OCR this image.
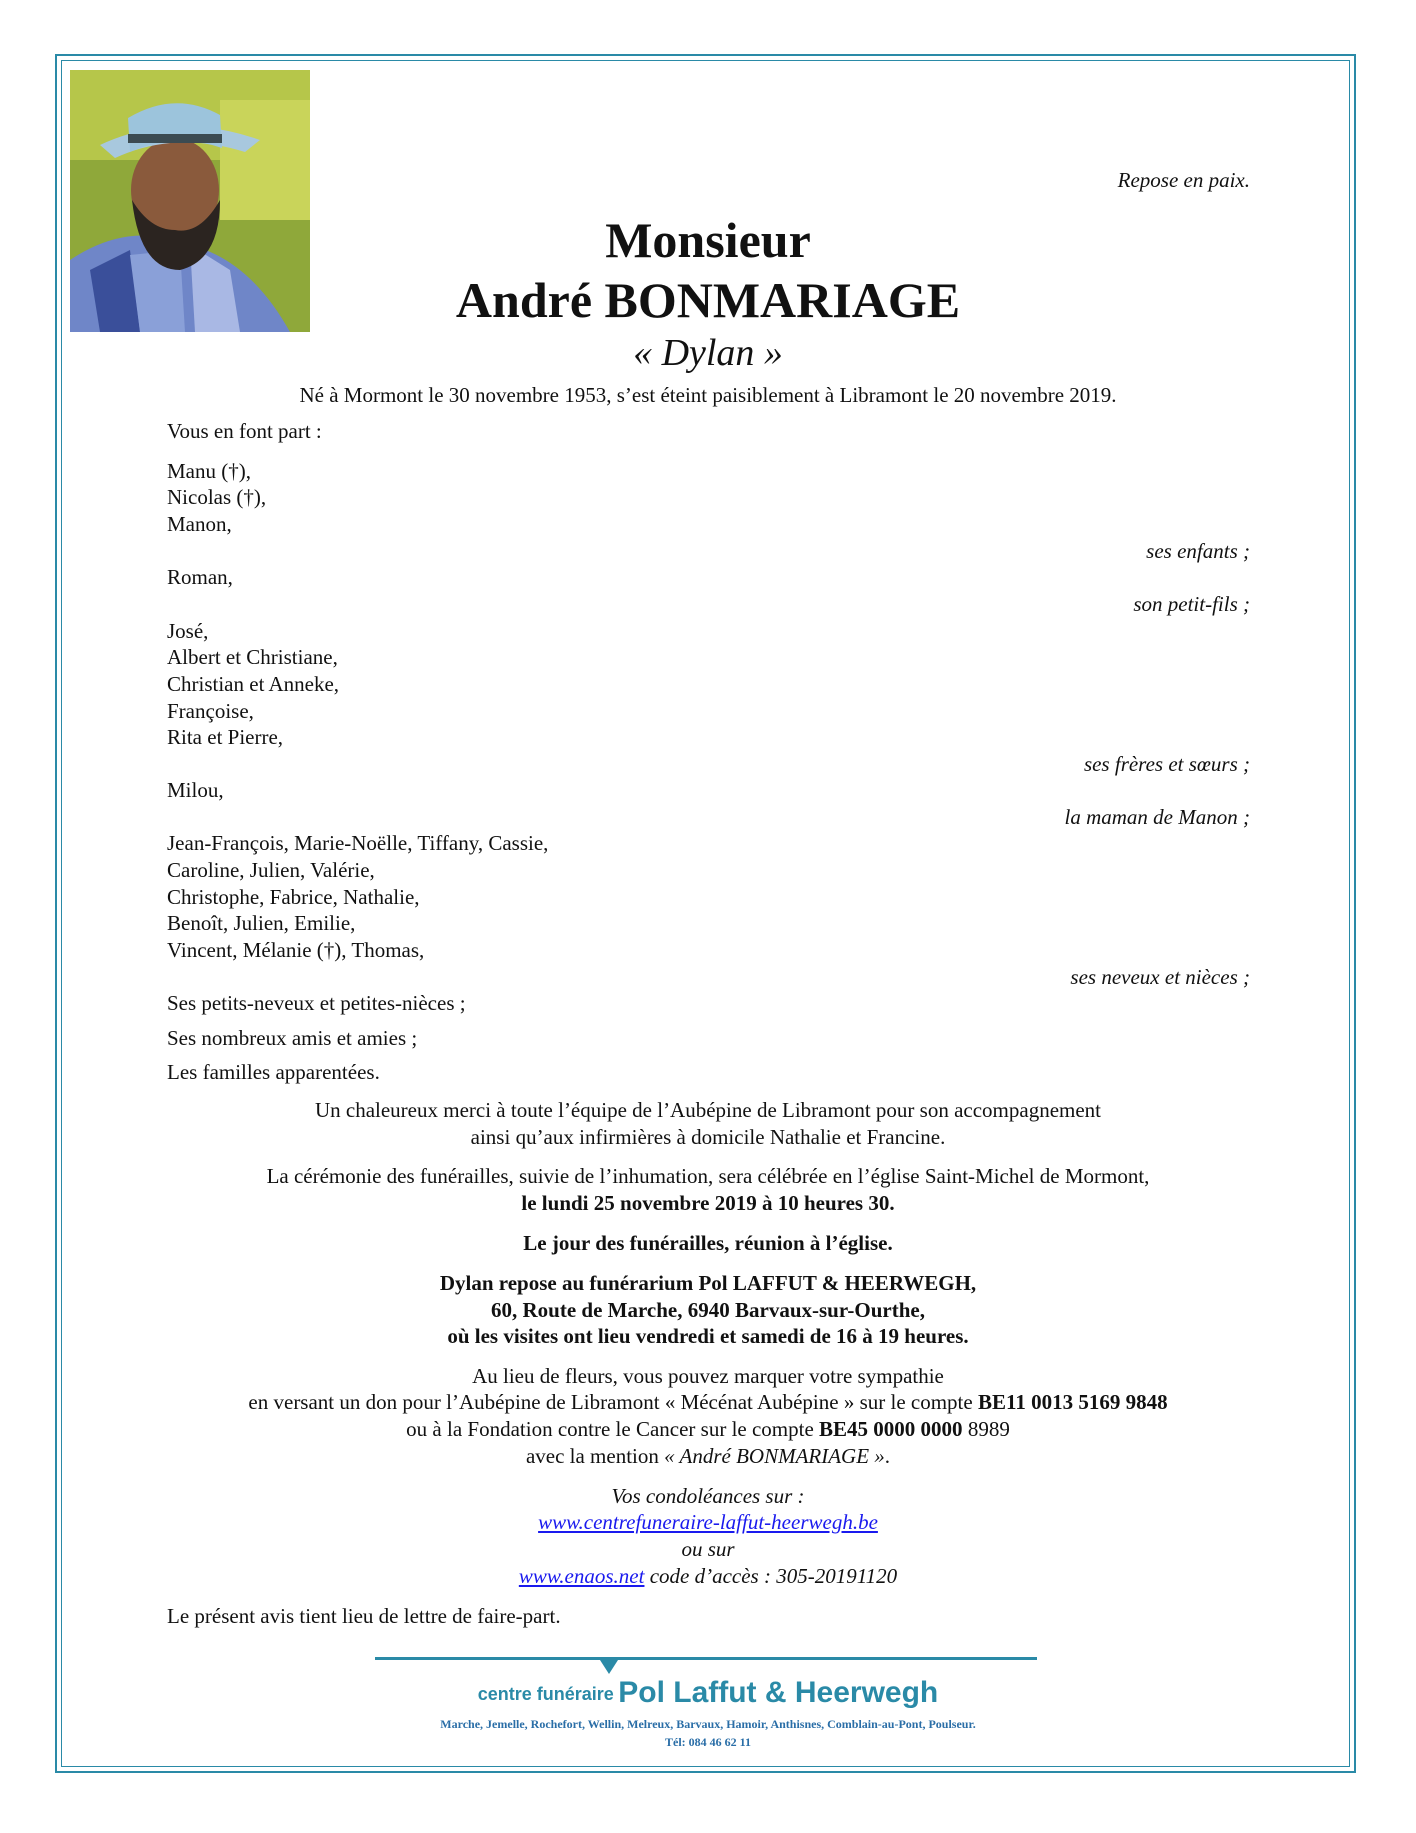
Repose en paix.
Monsieur
André BONMARIAGE
« Dylan »
Né à Mormont le 30 novembre 1953, s’est éteint paisiblement à Libramont le 20 novembre 2019.
Vous en font part :
Manu (†),
Nicolas (†),
Manon,
ses enfants ;
Roman,
son petit-fils ;
José,
Albert et Christiane,
Christian et Anneke,
Françoise,
Rita et Pierre,
ses frères et sœurs ;
Milou,
la maman de Manon ;
Jean-François, Marie-Noëlle, Tiffany, Cassie,
Caroline, Julien, Valérie,
Christophe, Fabrice, Nathalie,
Benoît, Julien, Emilie,
Vincent, Mélanie (†), Thomas,
ses neveux et nièces ;
Ses petits-neveux et petites-nièces ;
Ses nombreux amis et amies ;
Les familles apparentées.
Un chaleureux merci à toute l’équipe de l’Aubépine de Libramont pour son accompagnement
ainsi qu’aux infirmières à domicile Nathalie et Francine.
La cérémonie des funérailles, suivie de l’inhumation, sera célébrée en l’église Saint-Michel de Mormont,
le lundi 25 novembre 2019 à 10 heures 30.
Le jour des funérailles, réunion à l’église.
Dylan repose au funérarium Pol LAFFUT & HEERWEGH,
60, Route de Marche, 6940 Barvaux-sur-Ourthe,
où les visites ont lieu vendredi et samedi de 16 à 19 heures.
Au lieu de fleurs, vous pouvez marquer votre sympathie
en versant un don pour l’Aubépine de Libramont « Mécénat Aubépine » sur le compte BE11 0013 5169 9848
ou à la Fondation contre le Cancer sur le compte BE45 0000 0000 8989
avec la mention « André BONMARIAGE ».
Vos condoléances sur :
www.centrefuneraire-laffut-heerwegh.be
ou sur
www.enaos.net code d’accès : 305-20191120
Le présent avis tient lieu de lettre de faire-part.
centre funéraire Pol Laffut & Heerwegh
Marche, Jemelle, Rochefort, Wellin, Melreux, Barvaux, Hamoir, Anthisnes, Comblain-au-Pont, Poulseur.
Tél: 084 46 62 11
